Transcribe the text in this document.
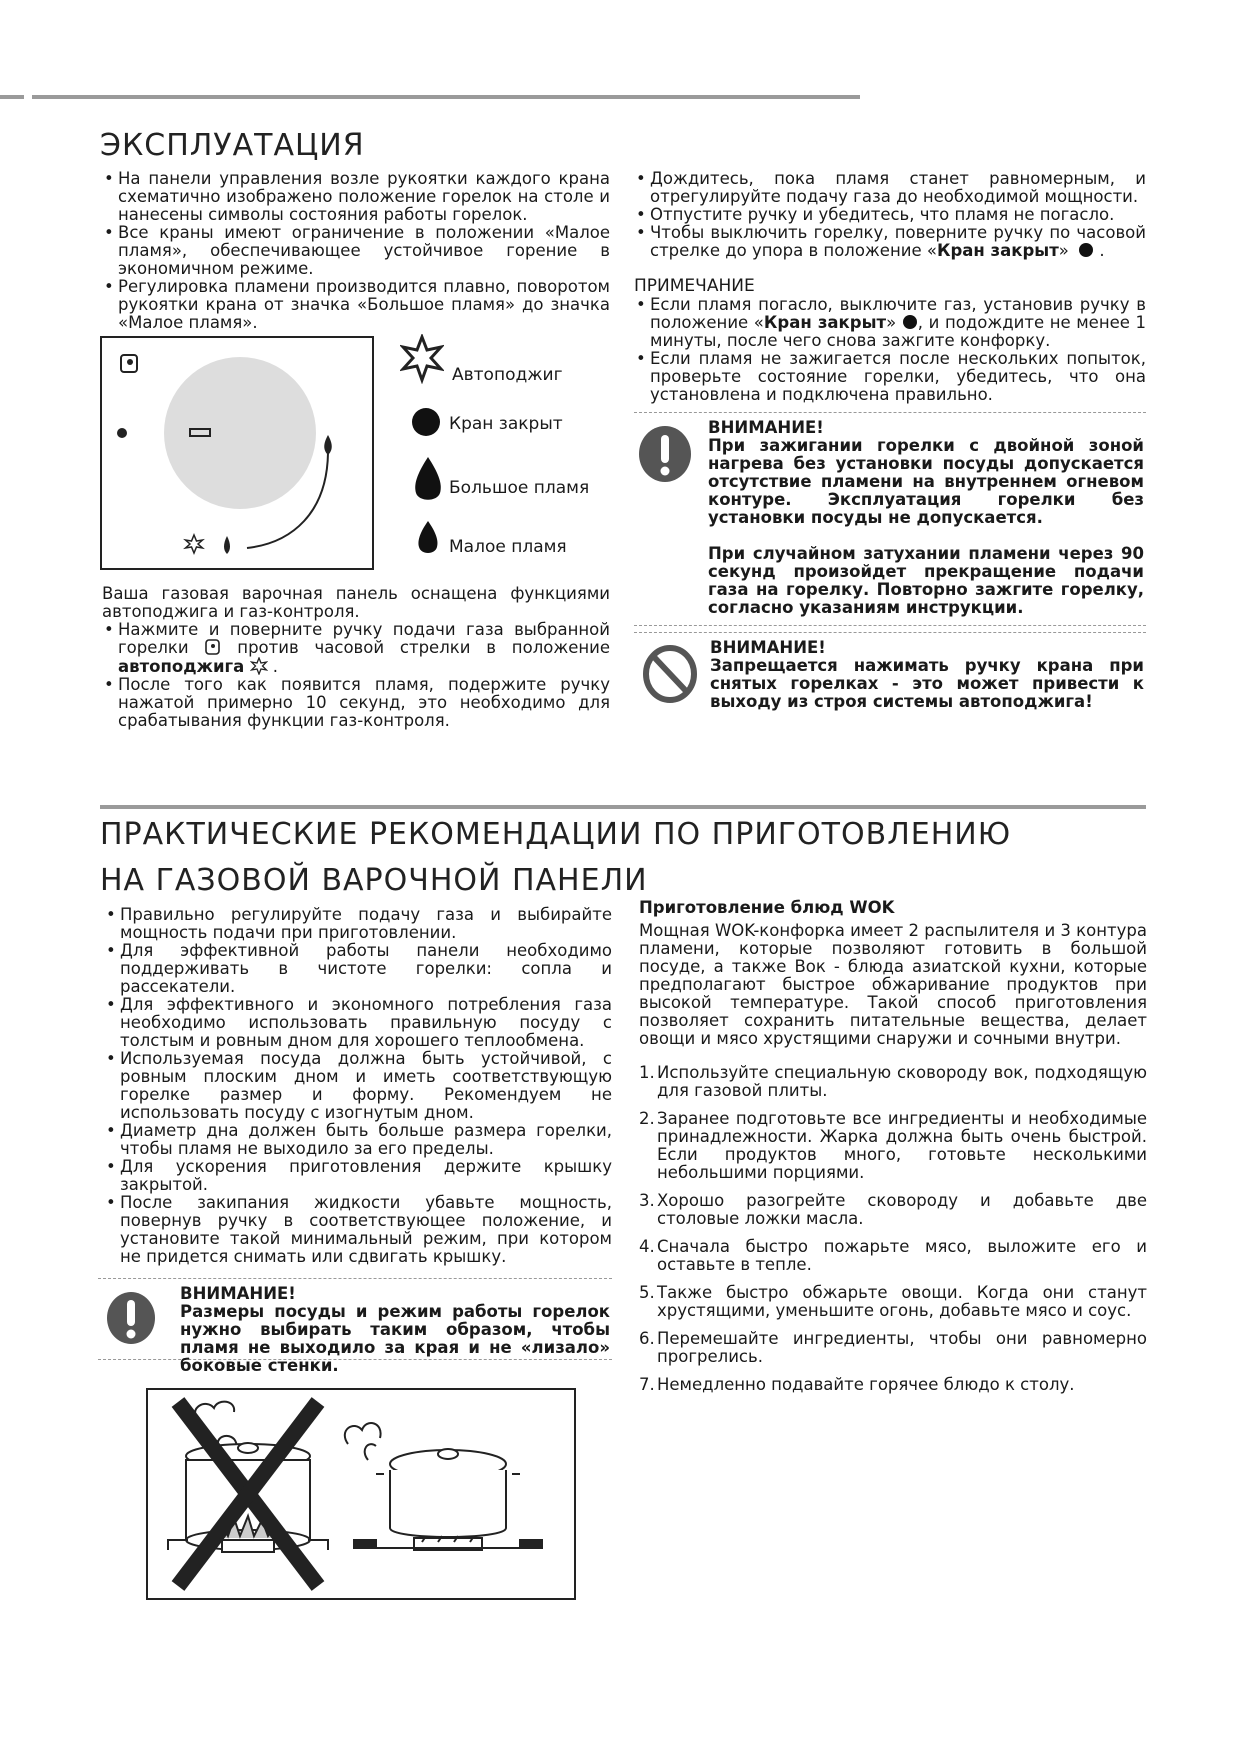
ЭКСПЛУАТАЦИЯ
• На панели управления возле рукоятки каждого крана схематично изображено положение горелок на столе и нанесены символы состояния работы горелок.
• Все краны имеют ограничение в положении «Малое пламя», обеспечивающее устойчивое горение в экономичном режиме.
• Регулировка пламени производится плавно, поворотом рукоятки крана от значка «Большое пламя» до значка «Малое пламя».
Автоподжиг
Кран закрыт
Большое пламя
Малое пламя

Ваша газовая варочная панель оснащена функциями автоподжига и газ-контроля.

• Нажмите и поверните ручку подачи газа выбранной горелки	против часовой стрелки в положение автоподжига .
• После того как появится пламя, подержите ручку нажатой примерно 10 секунд, это необходимо для срабатывания функции газ-контроля.
• Дождитесь, пока пламя станет равномерным, и отрегулируйте подачу газа до необходимой мощности.
• Отпустите ручку и убедитесь, что пламя не погасло.
• Чтобы выключить горелку, поверните ручку по часовой стрелке до упора в положение «Кран закрыт» .
ПРИМЕЧАНИЕ
• Если пламя погасло, выключите газ, установив ручку в положение «Кран закрыт» , и подождите не менее 1 минуты, после чего снова зажгите конфорку.
• Если пламя не зажигается после нескольких попыток, проверьте состояние горелки, убедитесь, что она установлена и подключена правильно.

ВНИМАНИЕ!

При зажигании горелки с двойной зоной нагрева без установки посуды допускается отсутствие пламени на внутреннем огневом контуре. Эксплуатация горелки без установки посуды не допускается.

При случайном затухании пламени через 90 секунд произойдет прекращение подачи газа на горелку. Повторно зажгите горелку, согласно указаниям инструкции.

ВНИМАНИЕ!

Запрещается нажимать ручку крана при снятых горелках - это может привести к выходу из строя системы автоподжига!

ПРАКТИЧЕСКИЕ РЕКОМЕНДАЦИИ ПО ПРИГОТОВЛЕНИЮ
НА ГАЗОВОЙ ВАРОЧНОЙ ПАНЕЛИ
• Правильно регулируйте подачу газа и выбирайте мощность подачи при приготовлении.
• Для эффективной работы панели необходимо поддерживать в чистоте горелки: сопла и рассекатели.
• Для эффективного и экономного потребления газа необходимо использовать правильную посуду с толстым и ровным дном для хорошего теплообмена.
• Используемая посуда должна быть устойчивой, с ровным плоским дном и иметь соответствующую горелке размер и форму. Рекомендуем не использовать посуду с изогнутым дном.
• Диаметр дна должен быть больше размера горелки, чтобы пламя не выходило за его пределы.
• Для ускорения приготовления держите крышку закрытой.
• После закипания жидкости убавьте мощность, повернув ручку в соответствующее положение, и установите такой минимальный режим, при котором не придется снимать или сдвигать крышку.

ВНИМАНИЕ!

Размеры посуды и режим работы горелок нужно выбирать таким образом, чтобы пламя не выходило за края и не «лизало» боковые стенки.

Приготовление блюд WOK

Мощная WOK-конфорка имеет 2 распылителя и 3 контура пламени, которые позволяют готовить в большой посуде, а также Вок - блюда азиатской кухни, которые предполагают быстрое обжаривание продуктов при высокой температуре. Такой способ приготовления позволяет сохранить питательные вещества, делает овощи и мясо хрустящими снаружи и сочными внутри.

1. Используйте специальную сковороду вок, подходящую для газовой плиты.
2. Заранее подготовьте все ингредиенты и необходимые принадлежности. Жарка должна быть очень быстрой. Если продуктов много, готовьте несколькими небольшими порциями.
3. Хорошо разогрейте сковороду и добавьте две столовые ложки масла.
4. Сначала быстро пожарьте мясо, выложите его и оставьте в тепле.
5. Также быстро обжарьте овощи. Когда они станут хрустящими, уменьшите огонь, добавьте мясо и соус.
6. Перемешайте ингредиенты, чтобы они равномерно прогрелись.
7. Немедленно подавайте горячее блюдо к столу.
